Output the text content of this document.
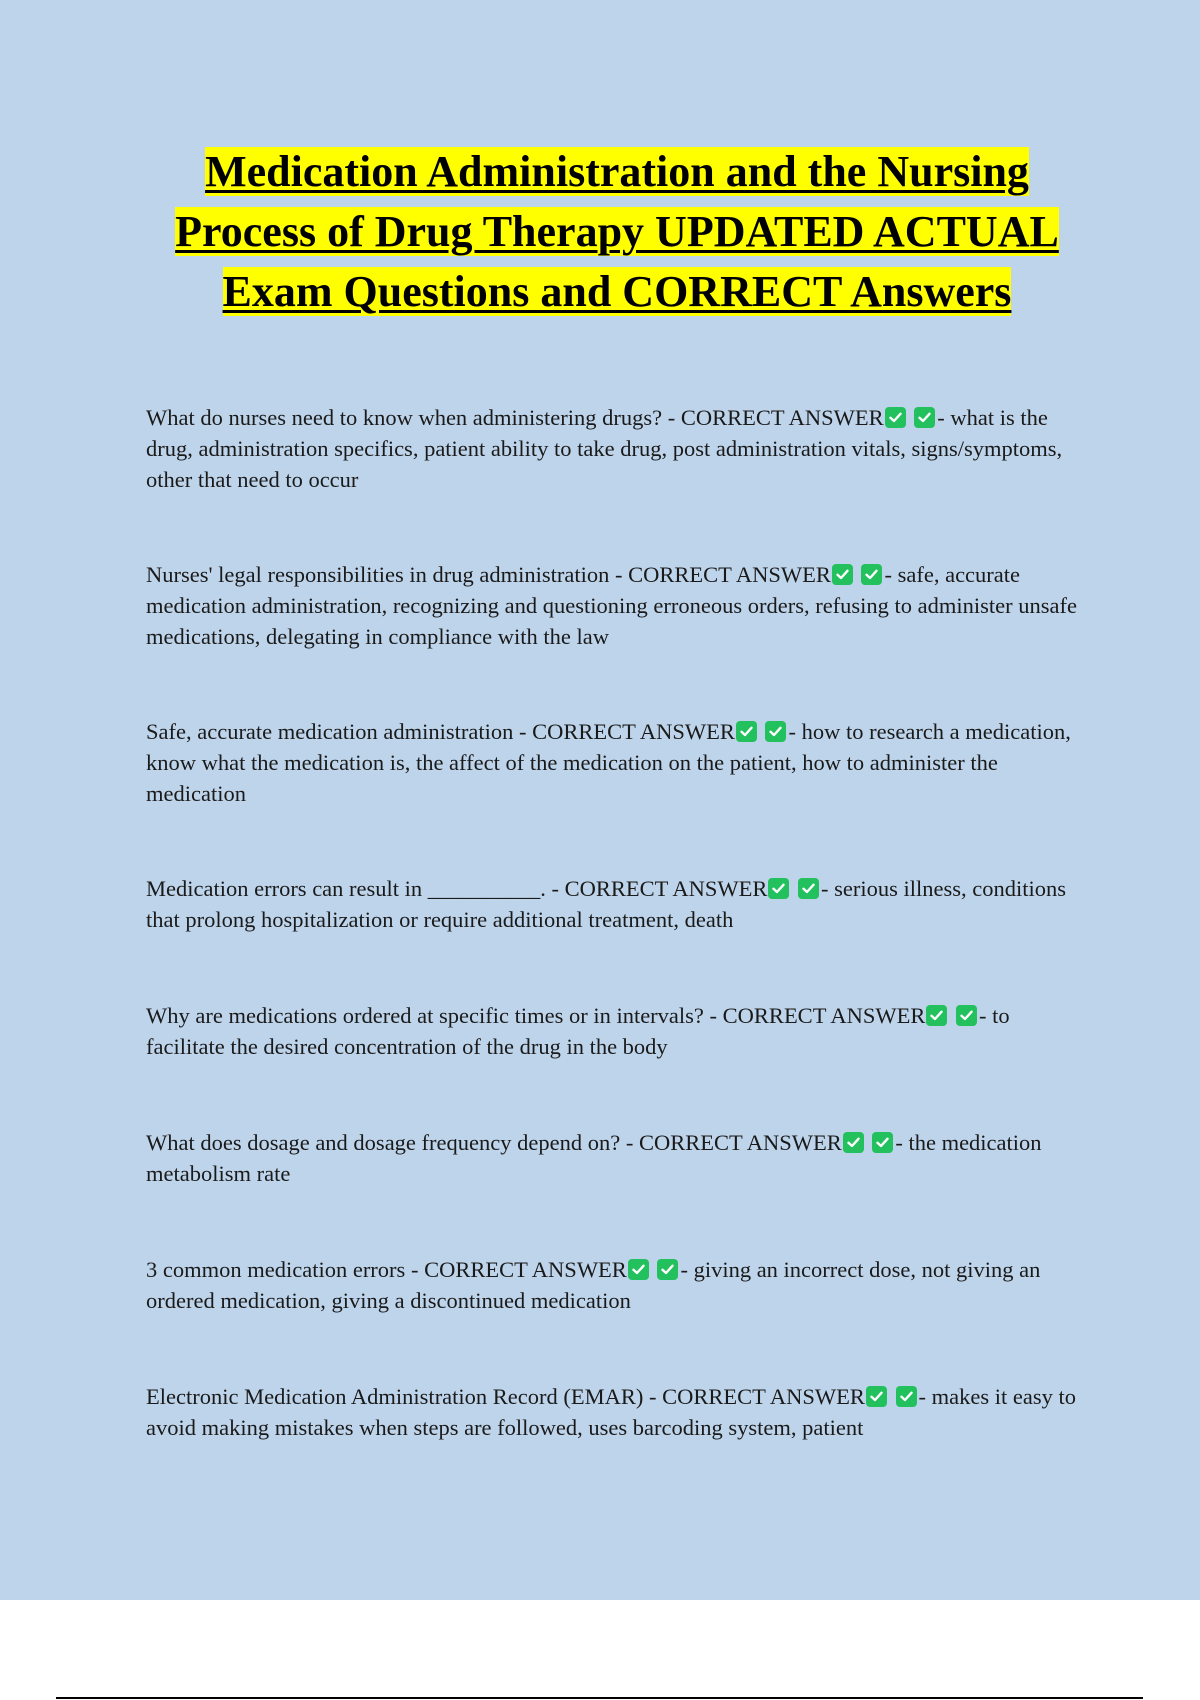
Medication Administration and the Nursing Process of Drug Therapy UPDATED ACTUAL Exam Questions and CORRECT Answers

What do nurses need to know when administering drugs? - CORRECT ANSWER
- what is the drug, administration specifics, patient ability to take drug, post administration vitals, signs/symptoms, other that need to occur

Nurses' legal responsibilities in drug administration - CORRECT ANSWER
- safe, accurate medication administration, recognizing and questioning erroneous orders, refusing to administer unsafe medications, delegating in compliance with the law

Safe, accurate medication administration - CORRECT ANSWER
- how to research a medication, know what the medication is, the affect of the medication on the patient, how to administer the medication

Medication errors can result in __________. - CORRECT ANSWER
- serious illness, conditions that prolong hospitalization or require additional treatment, death

Why are medications ordered at specific times or in intervals? - CORRECT ANSWER
- to facilitate the desired concentration of the drug in the body

What does dosage and dosage frequency depend on? - CORRECT ANSWER
- the medication metabolism rate

3 common medication errors - CORRECT ANSWER
- giving an incorrect dose, not giving an ordered medication, giving a discontinued medication

Electronic Medication Administration Record (EMAR) - CORRECT ANSWER
- makes it easy to avoid making mistakes when steps are followed, uses barcoding system, patient
